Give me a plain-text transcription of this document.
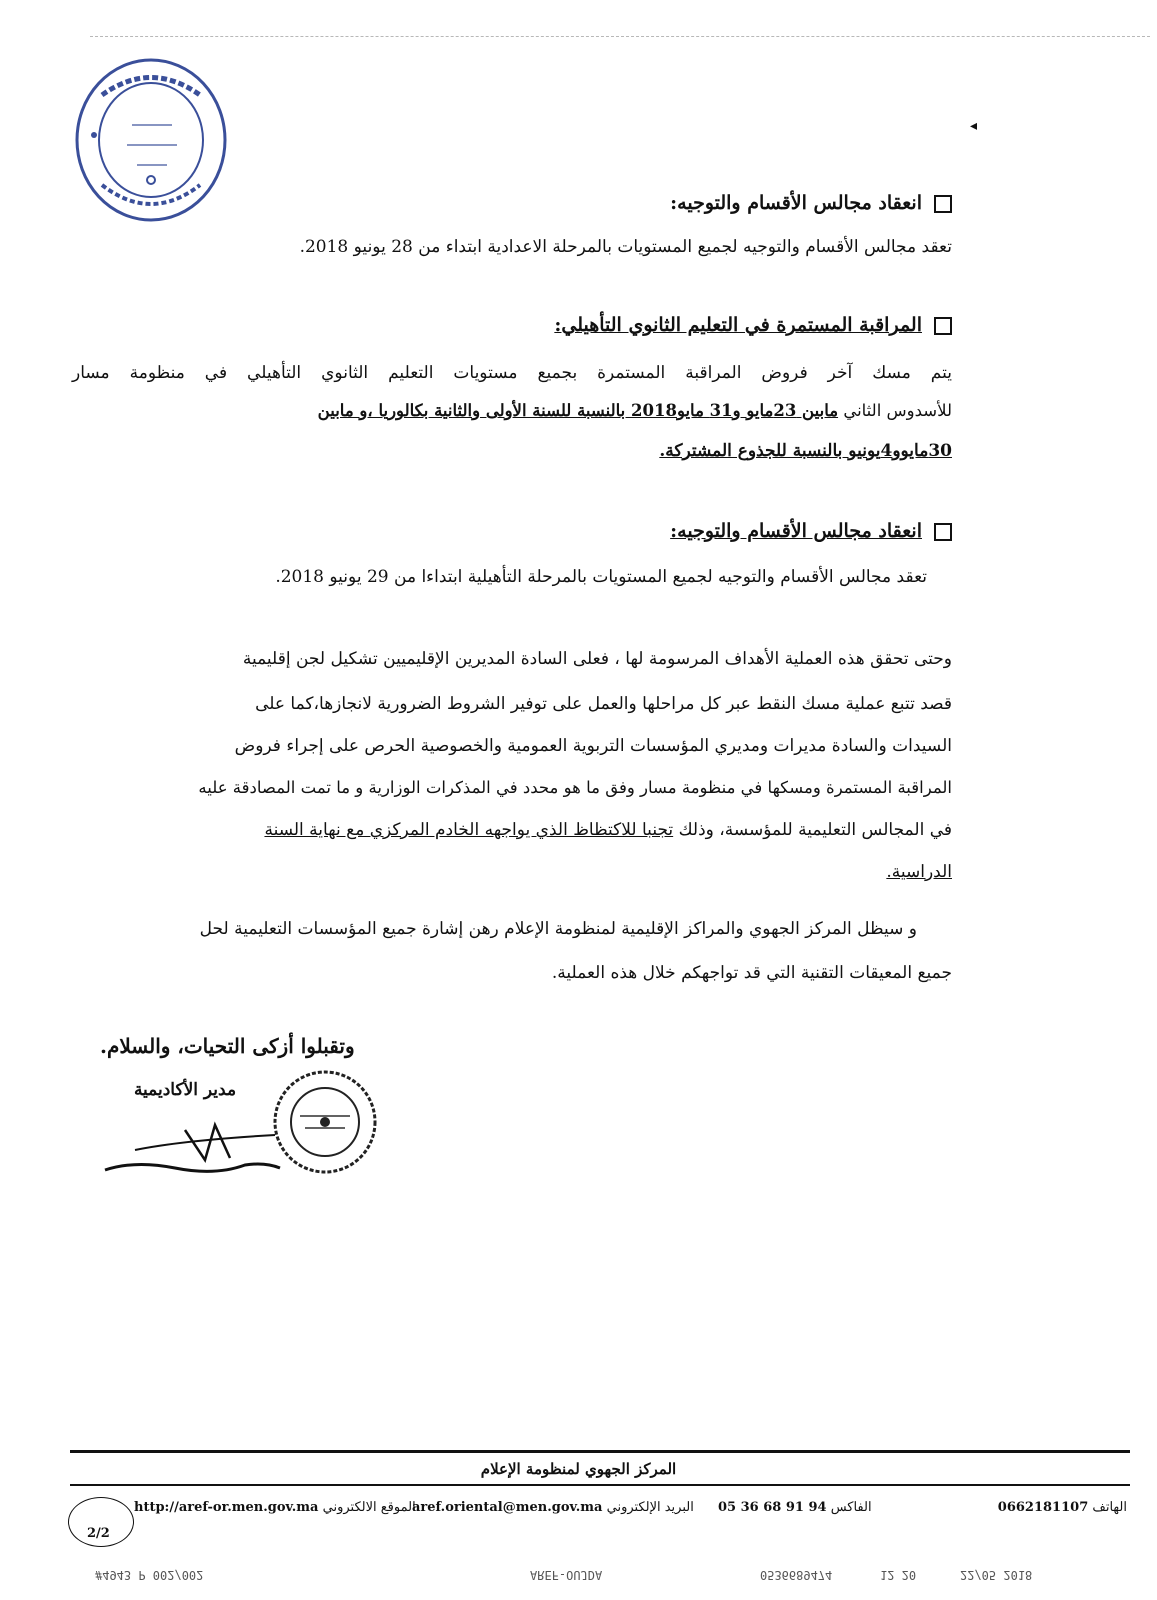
◂
انعقاد مجالس الأقسام والتوجيه:
تعقد مجالس الأقسام والتوجيه لجميع المستويات بالمرحلة الاعدادية ابتداء من 28 يونيو 2018.
المراقبة المستمرة في التعليم الثانوي التأهيلي:
يتم مسك آخر فروض المراقبة المستمرة بجميع مستويات التعليم الثانوي التأهيلي في منظومة مسار
للأسدوس الثاني مابين 23مايو و31 مايو2018 بالنسبة للسنة الأولى والثانية بكالوريا ،و مابين
30مايوو4يونيو بالنسبة للجذوع المشتركة.
انعقاد مجالس الأقسام والتوجيه:
تعقد مجالس الأقسام والتوجيه لجميع المستويات بالمرحلة التأهيلية ابتداءا من 29 يونيو 2018.
وحتى تحقق هذه العملية الأهداف المرسومة لها ، فعلى السادة المديرين الإقليميين تشكيل لجن إقليمية
قصد تتبع عملية مسك النقط عبر كل مراحلها والعمل على توفير الشروط الضرورية لانجازها،كما على
السيدات والسادة مديرات ومديري المؤسسات التربوية العمومية والخصوصية الحرص على إجراء فروض
المراقبة المستمرة ومسكها في منظومة مسار وفق ما هو محدد في المذكرات الوزارية و ما تمت المصادقة عليه
في المجالس التعليمية للمؤسسة، وذلك تجنبا للاكتظاظ الذي يواجهه الخادم المركزي مع نهاية السنة
الدراسية.
و سيظل المركز الجهوي والمراكز الإقليمية لمنظومة الإعلام رهن إشارة جميع المؤسسات التعليمية لحل
جميع المعيقات التقنية التي قد تواجهكم خلال هذه العملية.
وتقبلوا أزكى التحيات، والسلام.
مدير الأكاديمية
المركز الجهوي لمنظومة الإعلام
0662181107 الهاتف
05 36 68 91 94 الفاكس
aref.oriental@men.gov.ma البريد الإلكتروني
http://aref-or.men.gov.ma الموقع الالكتروني
2/2
#4943 P 002/002	AREF-OUJDA	0536689474	12 20	22/05 2018
